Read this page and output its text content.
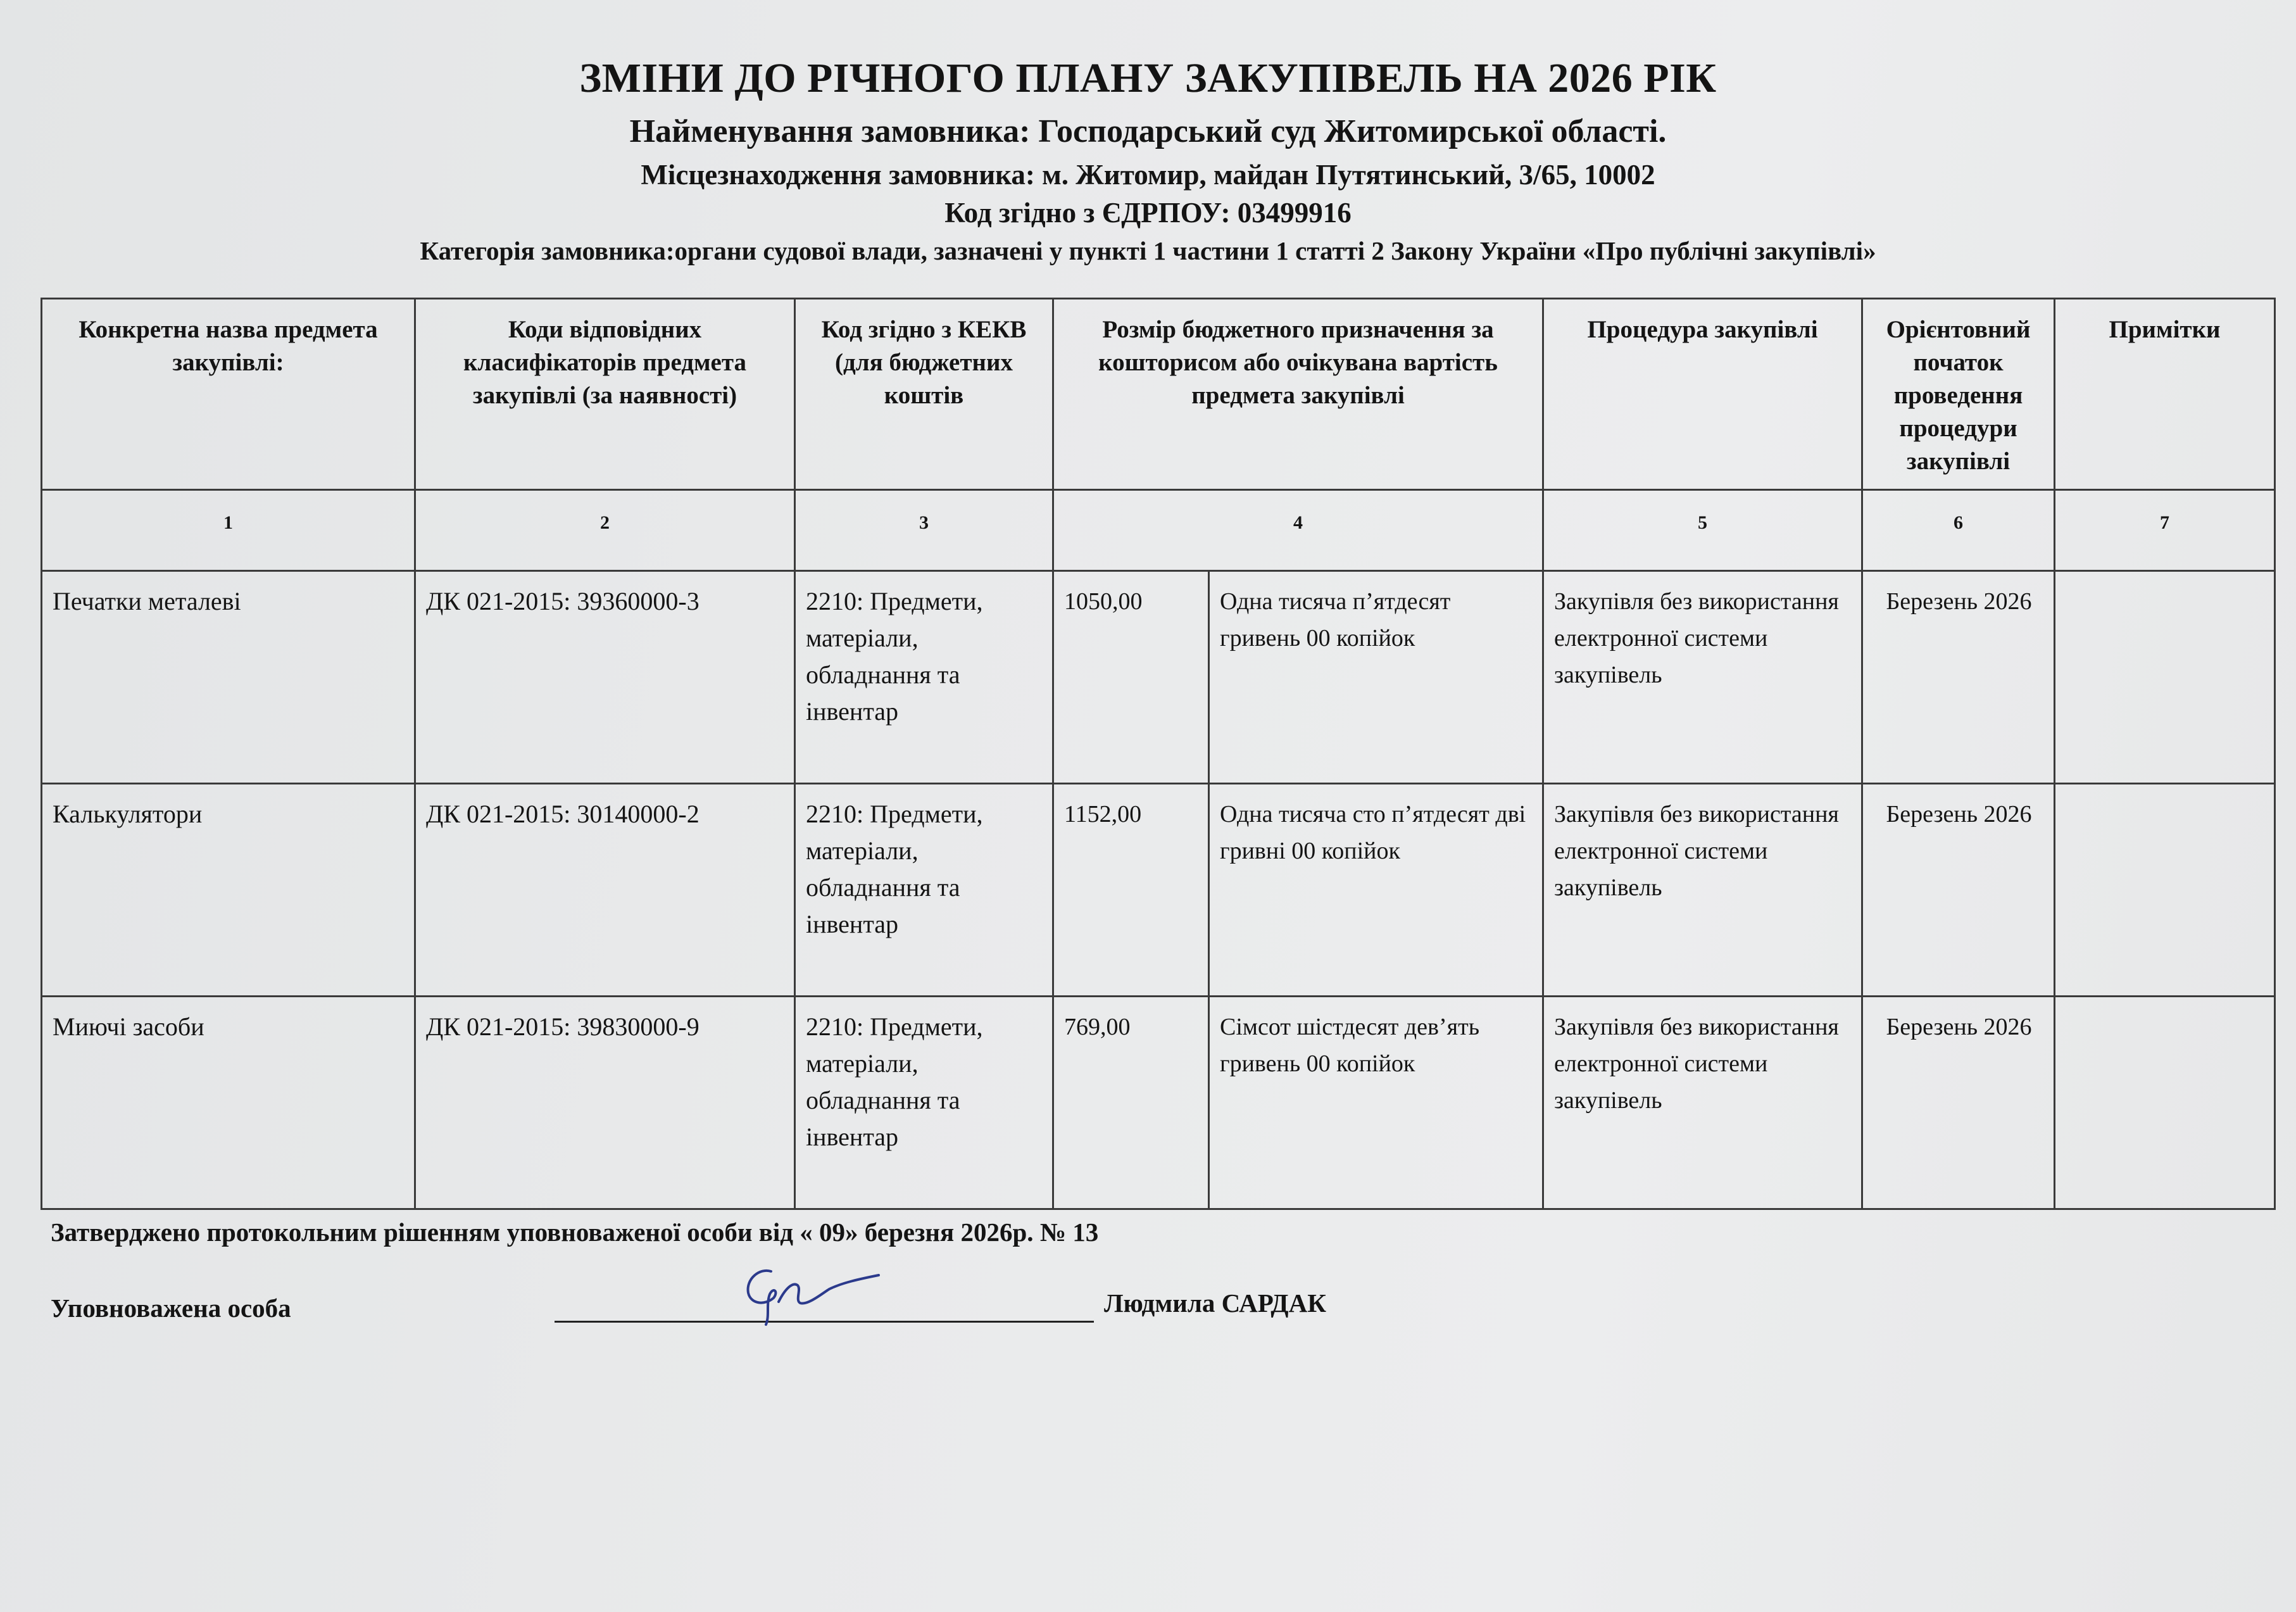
ЗМІНИ ДО РІЧНОГО ПЛАНУ ЗАКУПІВЕЛЬ НА 2026 РІК
Найменування замовника: Господарський суд Житомирської області.
Місцезнаходження замовника: м. Житомир, майдан Путятинський, 3/65, 10002
Код згідно з ЄДРПОУ: 03499916
Категорія замовника:органи судової влади, зазначені у пункті 1 частини 1 статті 2 Закону України «Про публічні закупівлі»
Конкретна назва предмета закупівлі:	Коди відповідних класифікаторів предмета закупівлі (за наявності)	Код згідно з КЕКВ (для бюджетних коштів	Розмір бюджетного призначення за кошторисом або очікувана вартість предмета закупівлі		Процедура закупівлі	Орієнтовний початок проведення процедури закупівлі	Примітки
1	2	3	4		5	6	7
Печатки металеві	ДК 021-2015: 39360000-3	2210: Предмети, матеріали, обладнання та інвентар	1050,00	Одна тисяча п’ятдесят гривень 00 копійок	Закупівля без використання електронної системи закупівель	Березень 2026	
Калькулятори	ДК 021-2015: 30140000-2	2210: Предмети, матеріали, обладнання та інвентар	1152,00	Одна тисяча сто п’ятдесят дві гривні 00 копійок	Закупівля без використання електронної системи закупівель	Березень 2026	
Миючі засоби	ДК 021-2015: 39830000-9	2210: Предмети, матеріали, обладнання та інвентар	769,00	Сімсот шістдесят дев’ять гривень 00 копійок	Закупівля без використання електронної системи закупівель	Березень 2026	
Затверджено протокольним рішенням уповноваженої особи від « 09» березня 2026р. № 13
Уповноважена особа	Людмила САРДАК
